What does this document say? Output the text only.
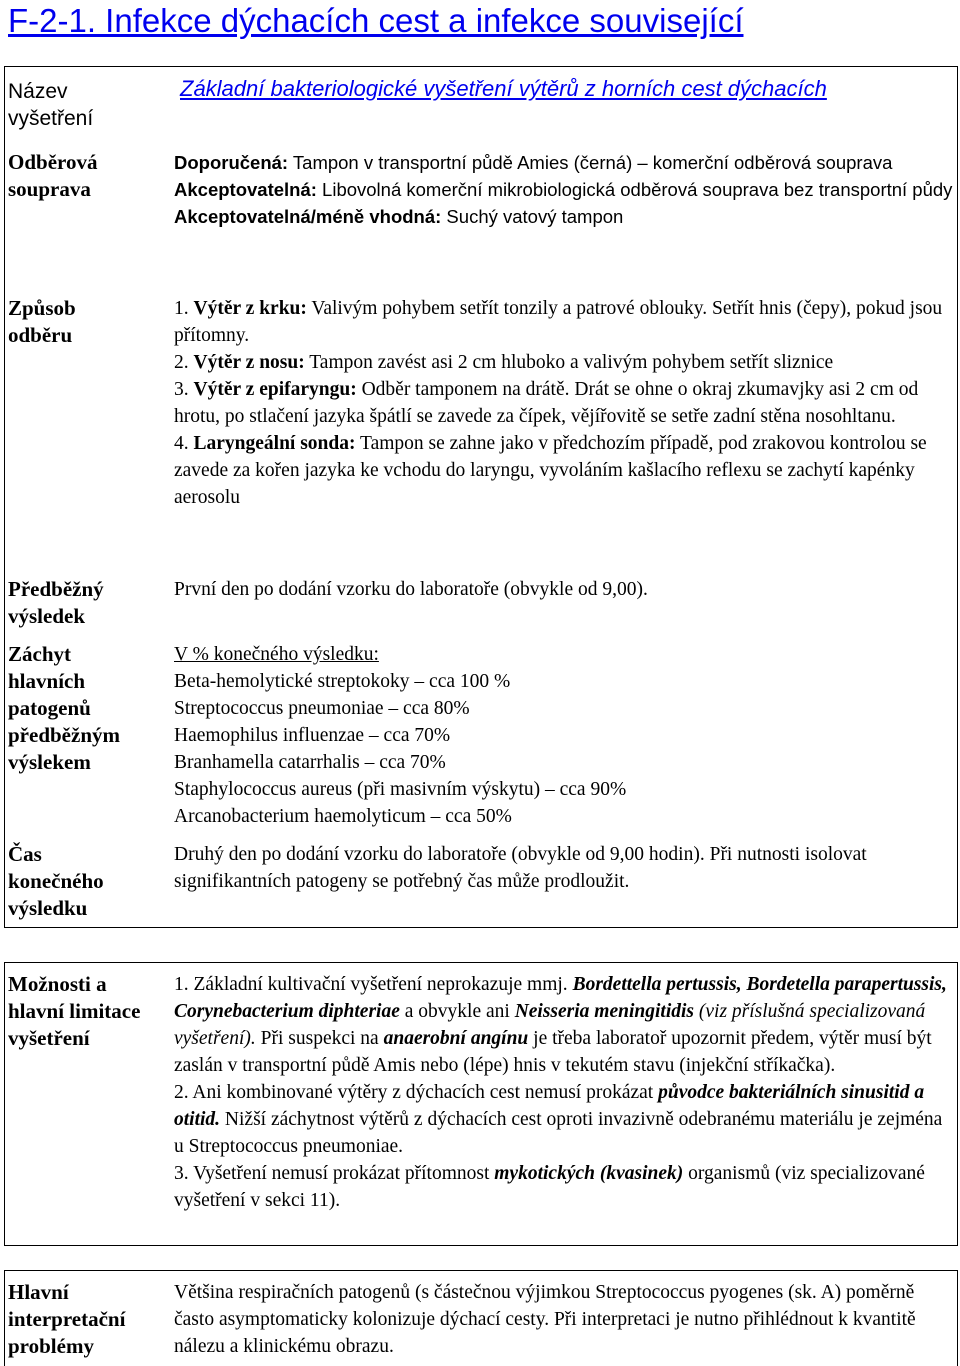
F-2-1. Infekce dýchacích cest a infekce související
Název vyšetření
Odběrová souprava
Způsob odběru
Předběžný výsledek
Záchyt hlavních patogenů předběžným výslekem
Čas konečného výsledku
Možnosti a hlavní limitace vyšetření
Hlavní interpretační problémy
Základní bakteriologické vyšetření výtěrů z horních cest dýchacích

Doporučená: Tampon v transportní půdě Amies (černá) – komerční odběrová souprava

Akceptovatelná: Libovolná komerční mikrobiologická odběrová souprava bez transportní půdy

Akceptovatelná/méně vhodná: Suchý vatový tampon

1. Výtěr z krku: Valivým pohybem setřít tonzily a patrové oblouky. Setřít hnis (čepy), pokud jsou přítomny.

2. Výtěr z nosu: Tampon zavést asi 2 cm hluboko a valivým pohybem setřít sliznice

3. Výtěr z epifaryngu: Odběr tamponem na drátě. Drát se ohne o okraj zkumavjky asi 2 cm od hrotu, po stlačení jazyka špátlí se zavede za čípek, vějířovitě se setře zadní stěna nosohltanu.

4. Laryngeální sonda: Tampon se zahne jako v předchozím případě, pod zrakovou kontrolou se zavede za kořen jazyka ke vchodu do laryngu, vyvoláním kašlacího reflexu se zachytí kapénky aerosolu

První den po dodání vzorku do laboratoře (obvykle od 9,00).

V % konečného výsledku:

Beta-hemolytické streptokoky – cca 100 %

Streptococcus pneumoniae – cca 80%

Haemophilus influenzae – cca 70%

Branhamella catarrhalis – cca 70%

Staphylococcus aureus (při masivním výskytu) – cca 90%

Arcanobacterium haemolyticum – cca 50%

Druhý den po dodání vzorku do laboratoře (obvykle od 9,00 hodin). Při nutnosti isolovat signifikantních patogeny se potřebný čas může prodloužit.

1. Základní kultivační vyšetření neprokazuje mmj. Bordettella pertussis, Bordetella parapertussis, Corynebacterium diphteriae a obvykle ani Neisseria meningitidis (viz příslušná specializovaná vyšetření). Při suspekci na anaerobní angínu je třeba laboratoř upozornit předem, výtěr musí být zaslán v transportní půdě Amis nebo (lépe) hnis v tekutém stavu (injekční stříkačka).

2. Ani kombinované výtěry z dýchacích cest nemusí prokázat původce bakteriálních sinusitid a otitid. Nižší záchytnost výtěrů z dýchacích cest oproti invazivně odebranému materiálu je zejména u Streptococcus pneumoniae.

3. Vyšetření nemusí prokázat přítomnost mykotických (kvasinek) organismů (viz specializované vyšetření v sekci 11).

Většina respiračních patogenů (s částečnou výjimkou Streptococcus pyogenes (sk. A) poměrně často asymptomaticky kolonizuje dýchací cesty. Při interpretaci je nutno přihlédnout k kvantitě nálezu a klinickému obrazu.
